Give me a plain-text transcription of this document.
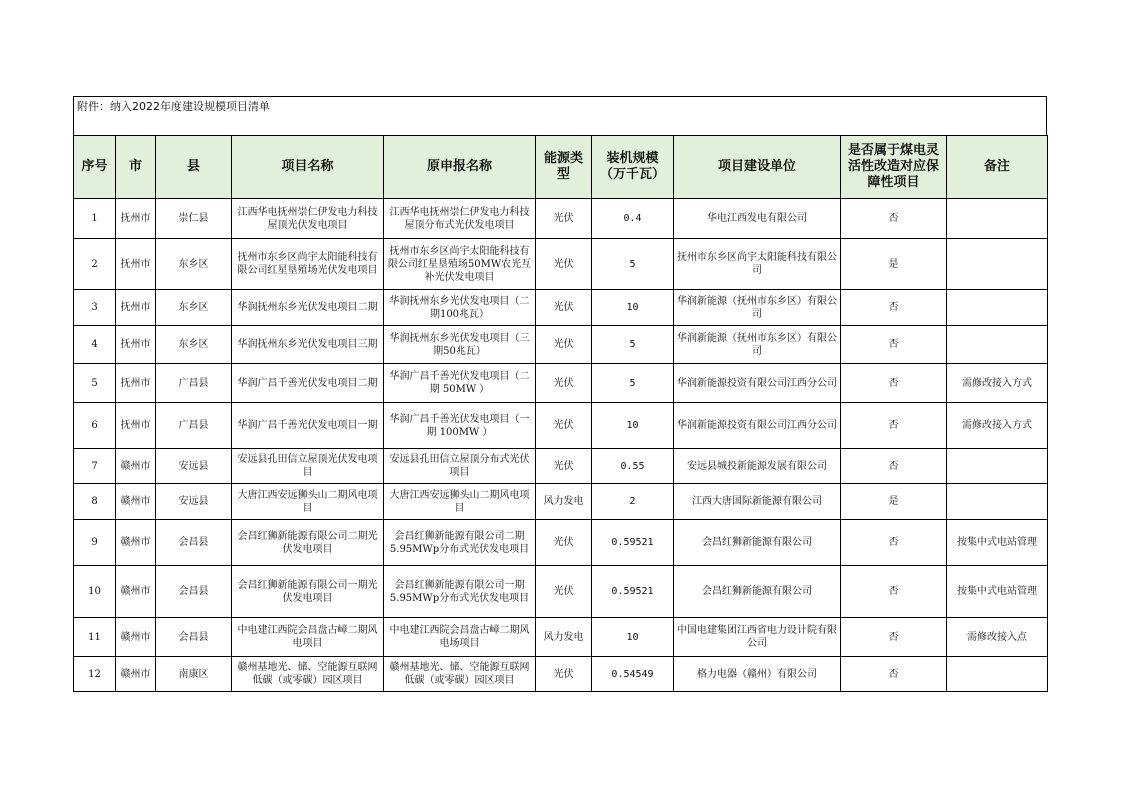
附件：纳入2022年度建设规模项目清单
序号	市	县	项目名称	原申报名称	能源类型	装机规模（万千瓦）	项目建设单位	是否属于煤电灵活性改造对应保障性项目	备注
1	抚州市	崇仁县	江西华电抚州崇仁伊发电力科技屋顶光伏发电项目	江西华电抚州崇仁伊发电力科技屋顶分布式光伏发电项目	光伏	0.4	华电江西发电有限公司	否	
2	抚州市	东乡区	抚州市东乡区尚宇太阳能科技有限公司红星垦殖场光伏发电项目	抚州市东乡区尚宇太阳能科技有限公司红星垦殖场50MW农光互补光伏发电项目	光伏	5	抚州市东乡区尚宇太阳能科技有限公司	是	
3	抚州市	东乡区	华润抚州东乡光伏发电项目二期	华润抚州东乡光伏发电项目（二期100兆瓦）	光伏	10	华润新能源（抚州市东乡区）有限公司	否	
4	抚州市	东乡区	华润抚州东乡光伏发电项目三期	华润抚州东乡光伏发电项目（三期50兆瓦）	光伏	5	华润新能源（抚州市东乡区）有限公司	否	
5	抚州市	广昌县	华润广昌千善光伏发电项目二期	华润广昌千善光伏发电项目（二期 50MW ）	光伏	5	华润新能源投资有限公司江西分公司	否	需修改接入方式
6	抚州市	广昌县	华润广昌千善光伏发电项目一期	华润广昌千善光伏发电项目（一期 100MW ）	光伏	10	华润新能源投资有限公司江西分公司	否	需修改接入方式
7	赣州市	安远县	安远县孔田信立屋顶光伏发电项目	安远县孔田信立屋顶分布式光伏项目	光伏	0.55	安远县城投新能源发展有限公司	否	
8	赣州市	安远县	大唐江西安远狮头山二期风电项目	大唐江西安远狮头山二期风电项目	风力发电	2	江西大唐国际新能源有限公司	是	
9	赣州市	会昌县	会昌红狮新能源有限公司二期光伏发电项目	会昌红狮新能源有限公司二期5.95MWp分布式光伏发电项目	光伏	0.59521	会昌红狮新能源有限公司	否	按集中式电站管理
10	赣州市	会昌县	会昌红狮新能源有限公司一期光伏发电项目	会昌红狮新能源有限公司一期5.95MWp分布式光伏发电项目	光伏	0.59521	会昌红狮新能源有限公司	否	按集中式电站管理
11	赣州市	会昌县	中电建江西院会昌盘古嶂二期风电项目	中电建江西院会昌盘古嶂二期风电场项目	风力发电	10	中国电建集团江西省电力设计院有限公司	否	需修改接入点
12	赣州市	南康区	赣州基地光、储、空能源互联网低碳（或零碳）园区项目	赣州基地光、储、空能源互联网低碳（或零碳）园区项目	光伏	0.54549	格力电器（赣州）有限公司	否	
